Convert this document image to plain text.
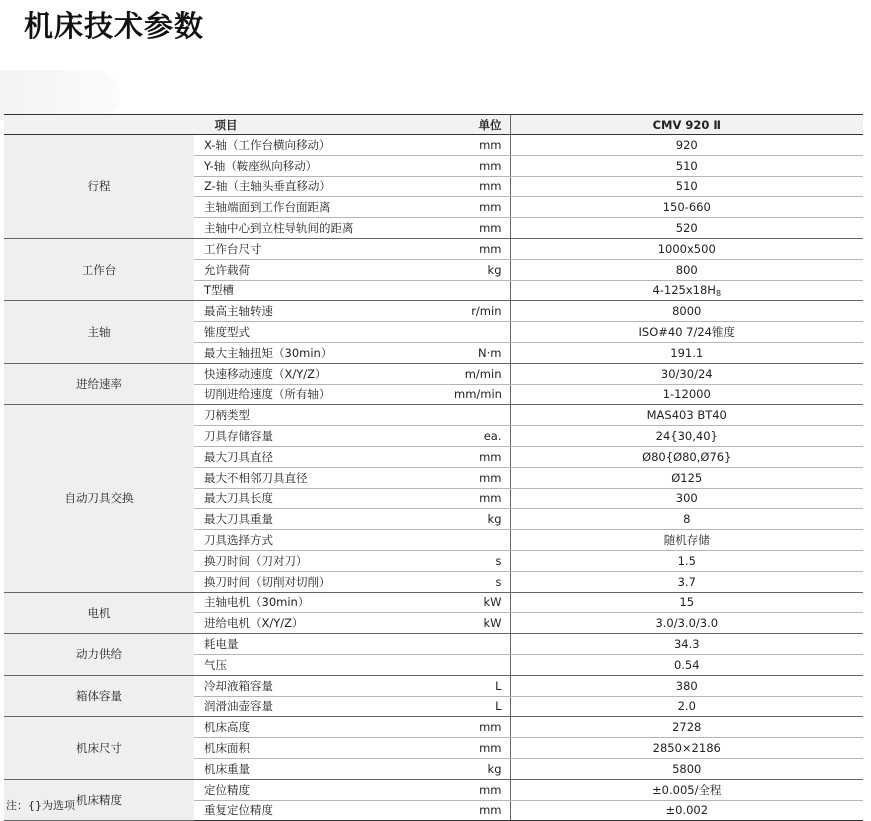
机床技术参数
项目		单位	CMV 920 Ⅱ
行程	X-轴（工作台横向移动）	mm	920
	Y-轴（鞍座纵向移动）	mm	510
	Z-轴（主轴头垂直移动）	mm	510
	主轴端面到工作台面距离	mm	150-660
	主轴中心到立柱导轨间的距离	mm	520
工作台	工作台尺寸	mm	1000x500
	允许载荷	kg	800
	T型槽		$4-125x18H_8$
主轴	最高主轴转速	r/min	8000
	锥度型式		ISO#40 7/24锥度
	最大主轴扭矩（30min）	N·m	191.1
进给速率	快速移动速度（X/Y/Z）	m/min	30/30/24
	切削进给速度（所有轴）	mm/min	1-12000
自动刀具交换	刀柄类型		MAS403 BT40
	刀具存储容量	ea.	24{30,40}
	最大刀具直径	mm	Ø80{Ø80,Ø76}
	最大不相邻刀具直径	mm	Ø125
	最大刀具长度	mm	300
	最大刀具重量	kg	8
	刀具选择方式		随机存储
	换刀时间（刀对刀）	s	1.5
	换刀时间（切削对切削）	s	3.7
电机	主轴电机（30min）	kW	15
	进给电机（X/Y/Z）	kW	3.0/3.0/3.0
动力供给	耗电量		34.3
	气压		0.54
箱体容量	冷却液箱容量	L	380
	润滑油壶容量	L	2.0
机床尺寸	机床高度	mm	2728
	机床面积	mm	2850×2186
	机床重量	kg	5800
机床精度	定位精度	mm	±0.005/全程
	重复定位精度	mm	±0.002
注：{}为选项
